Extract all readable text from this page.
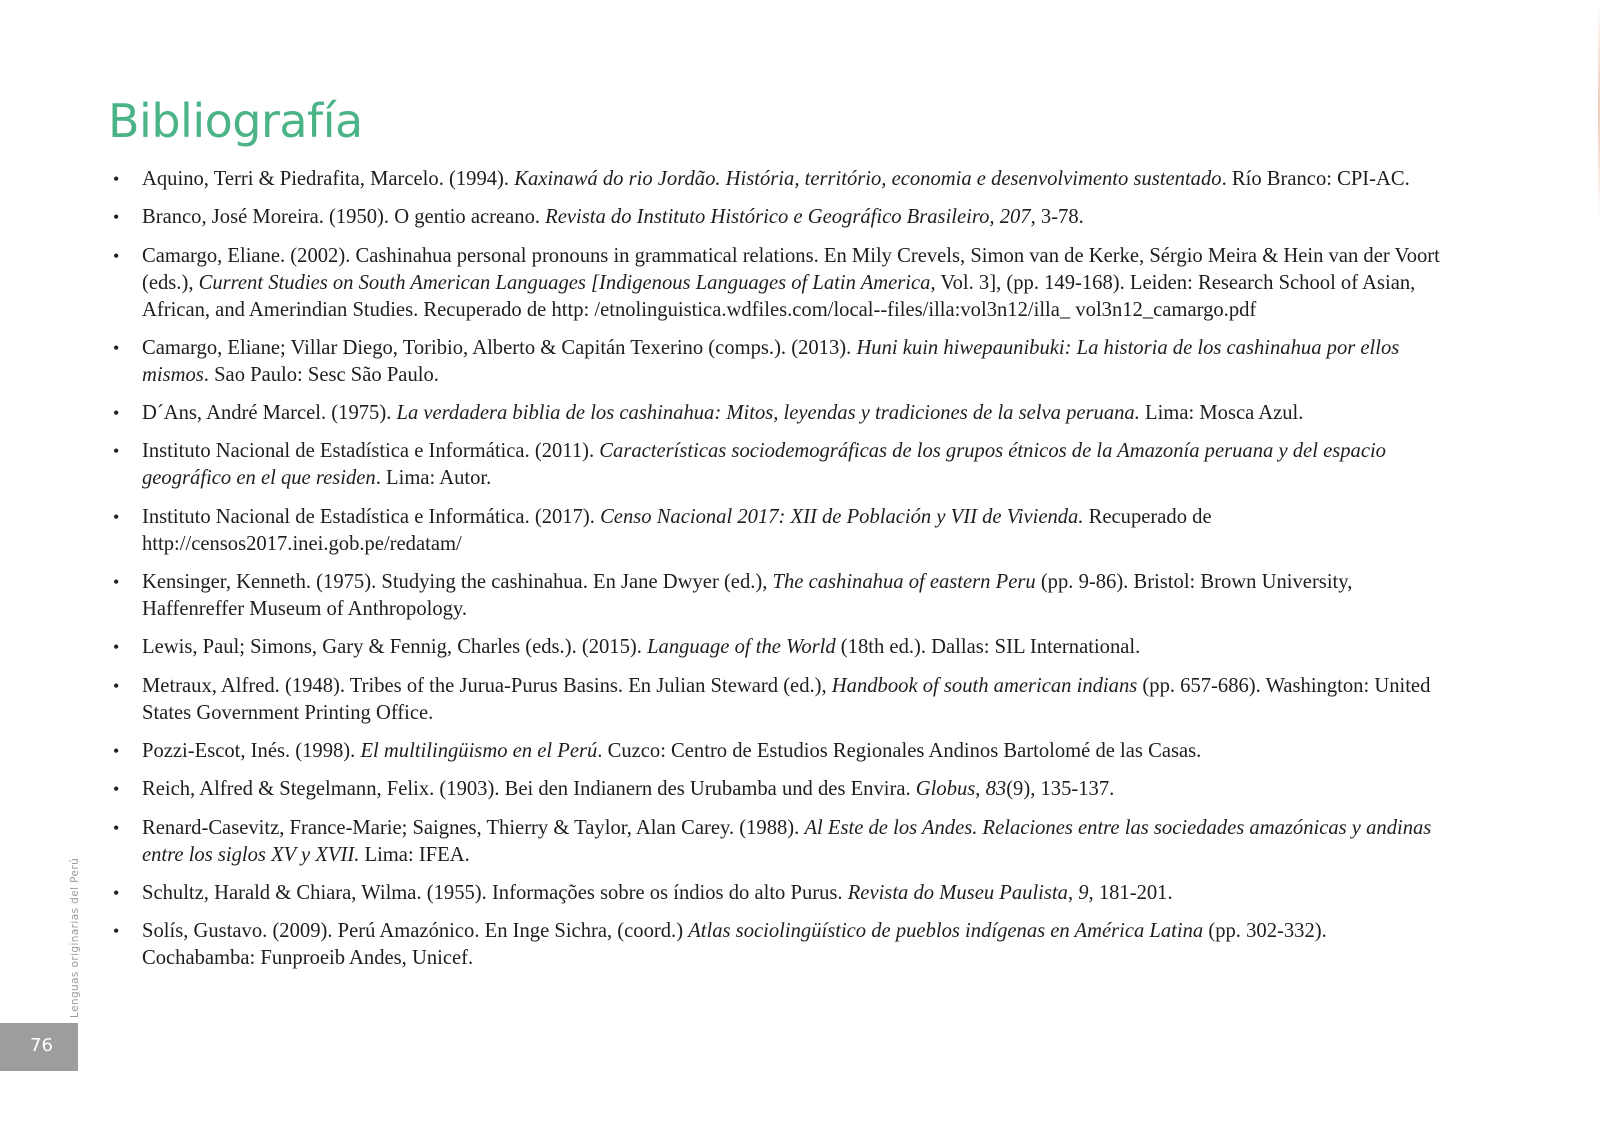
Bibliografía
• Aquino, Terri & Piedrafita, Marcelo. (1994). Kaxinawá do rio Jordão. História, território, economia e desenvolvimento sustentado. Río Branco: CPI-AC.
• Branco, José Moreira. (1950). O gentio acreano. Revista do Instituto Histórico e Geográfico Brasileiro, 207, 3-78.
• Camargo, Eliane. (2002). Cashinahua personal pronouns in grammatical relations. En Mily Crevels, Simon van de Kerke, Sérgio Meira & Hein van der Voort (eds.), Current Studies on South American Languages [Indigenous Languages of Latin America, Vol. 3], (pp. 149-168). Leiden: Research School of Asian, African, and Amerindian Studies. Recuperado de http: /etnolinguistica.wdfiles.com/local--files/illa:vol3n12/illa_ vol3n12_camargo.pdf
• Camargo, Eliane; Villar Diego, Toribio, Alberto & Capitán Texerino (comps.). (2013). Huni kuin hiwepaunibuki: La historia de los cashinahua por ellos mismos. Sao Paulo: Sesc São Paulo.
• D´Ans, André Marcel. (1975). La verdadera biblia de los cashinahua: Mitos, leyendas y tradiciones de la selva peruana. Lima: Mosca Azul.
• Instituto Nacional de Estadística e Informática. (2011). Características sociodemográficas de los grupos étnicos de la Amazonía peruana y del espacio geográfico en el que residen. Lima: Autor.
• Instituto Nacional de Estadística e Informática. (2017). Censo Nacional 2017: XII de Población y VII de Vivienda. Recuperado de http://censos2017.inei.gob.pe/redatam/
• Kensinger, Kenneth. (1975). Studying the cashinahua. En Jane Dwyer (ed.), The cashinahua of eastern Peru (pp. 9-86). Bristol: Brown University, Haffenreffer Museum of Anthropology.
• Lewis, Paul; Simons, Gary & Fennig, Charles (eds.). (2015). Language of the World (18th ed.). Dallas: SIL International.
• Metraux, Alfred. (1948). Tribes of the Jurua-Purus Basins. En Julian Steward (ed.), Handbook of south american indians (pp. 657-686). Washington: United States Government Printing Office.
• Pozzi-Escot, Inés. (1998). El multilingüismo en el Perú. Cuzco: Centro de Estudios Regionales Andinos Bartolomé de las Casas.
• Reich, Alfred & Stegelmann, Felix. (1903). Bei den Indianern des Urubamba und des Envira. Globus, 83(9), 135-137.
• Renard-Casevitz, France-Marie; Saignes, Thierry & Taylor, Alan Carey. (1988). Al Este de los Andes. Relaciones entre las sociedades amazónicas y andinas entre los siglos XV y XVII. Lima: IFEA.
• Schultz, Harald & Chiara, Wilma. (1955). Informações sobre os índios do alto Purus. Revista do Museu Paulista, 9, 181-201.
• Solís, Gustavo. (2009). Perú Amazónico. En Inge Sichra, (coord.) Atlas sociolingüístico de pueblos indígenas en América Latina (pp. 302-332). Cochabamba: Funproeib Andes, Unicef.
Lenguas originarias del Perú
76
